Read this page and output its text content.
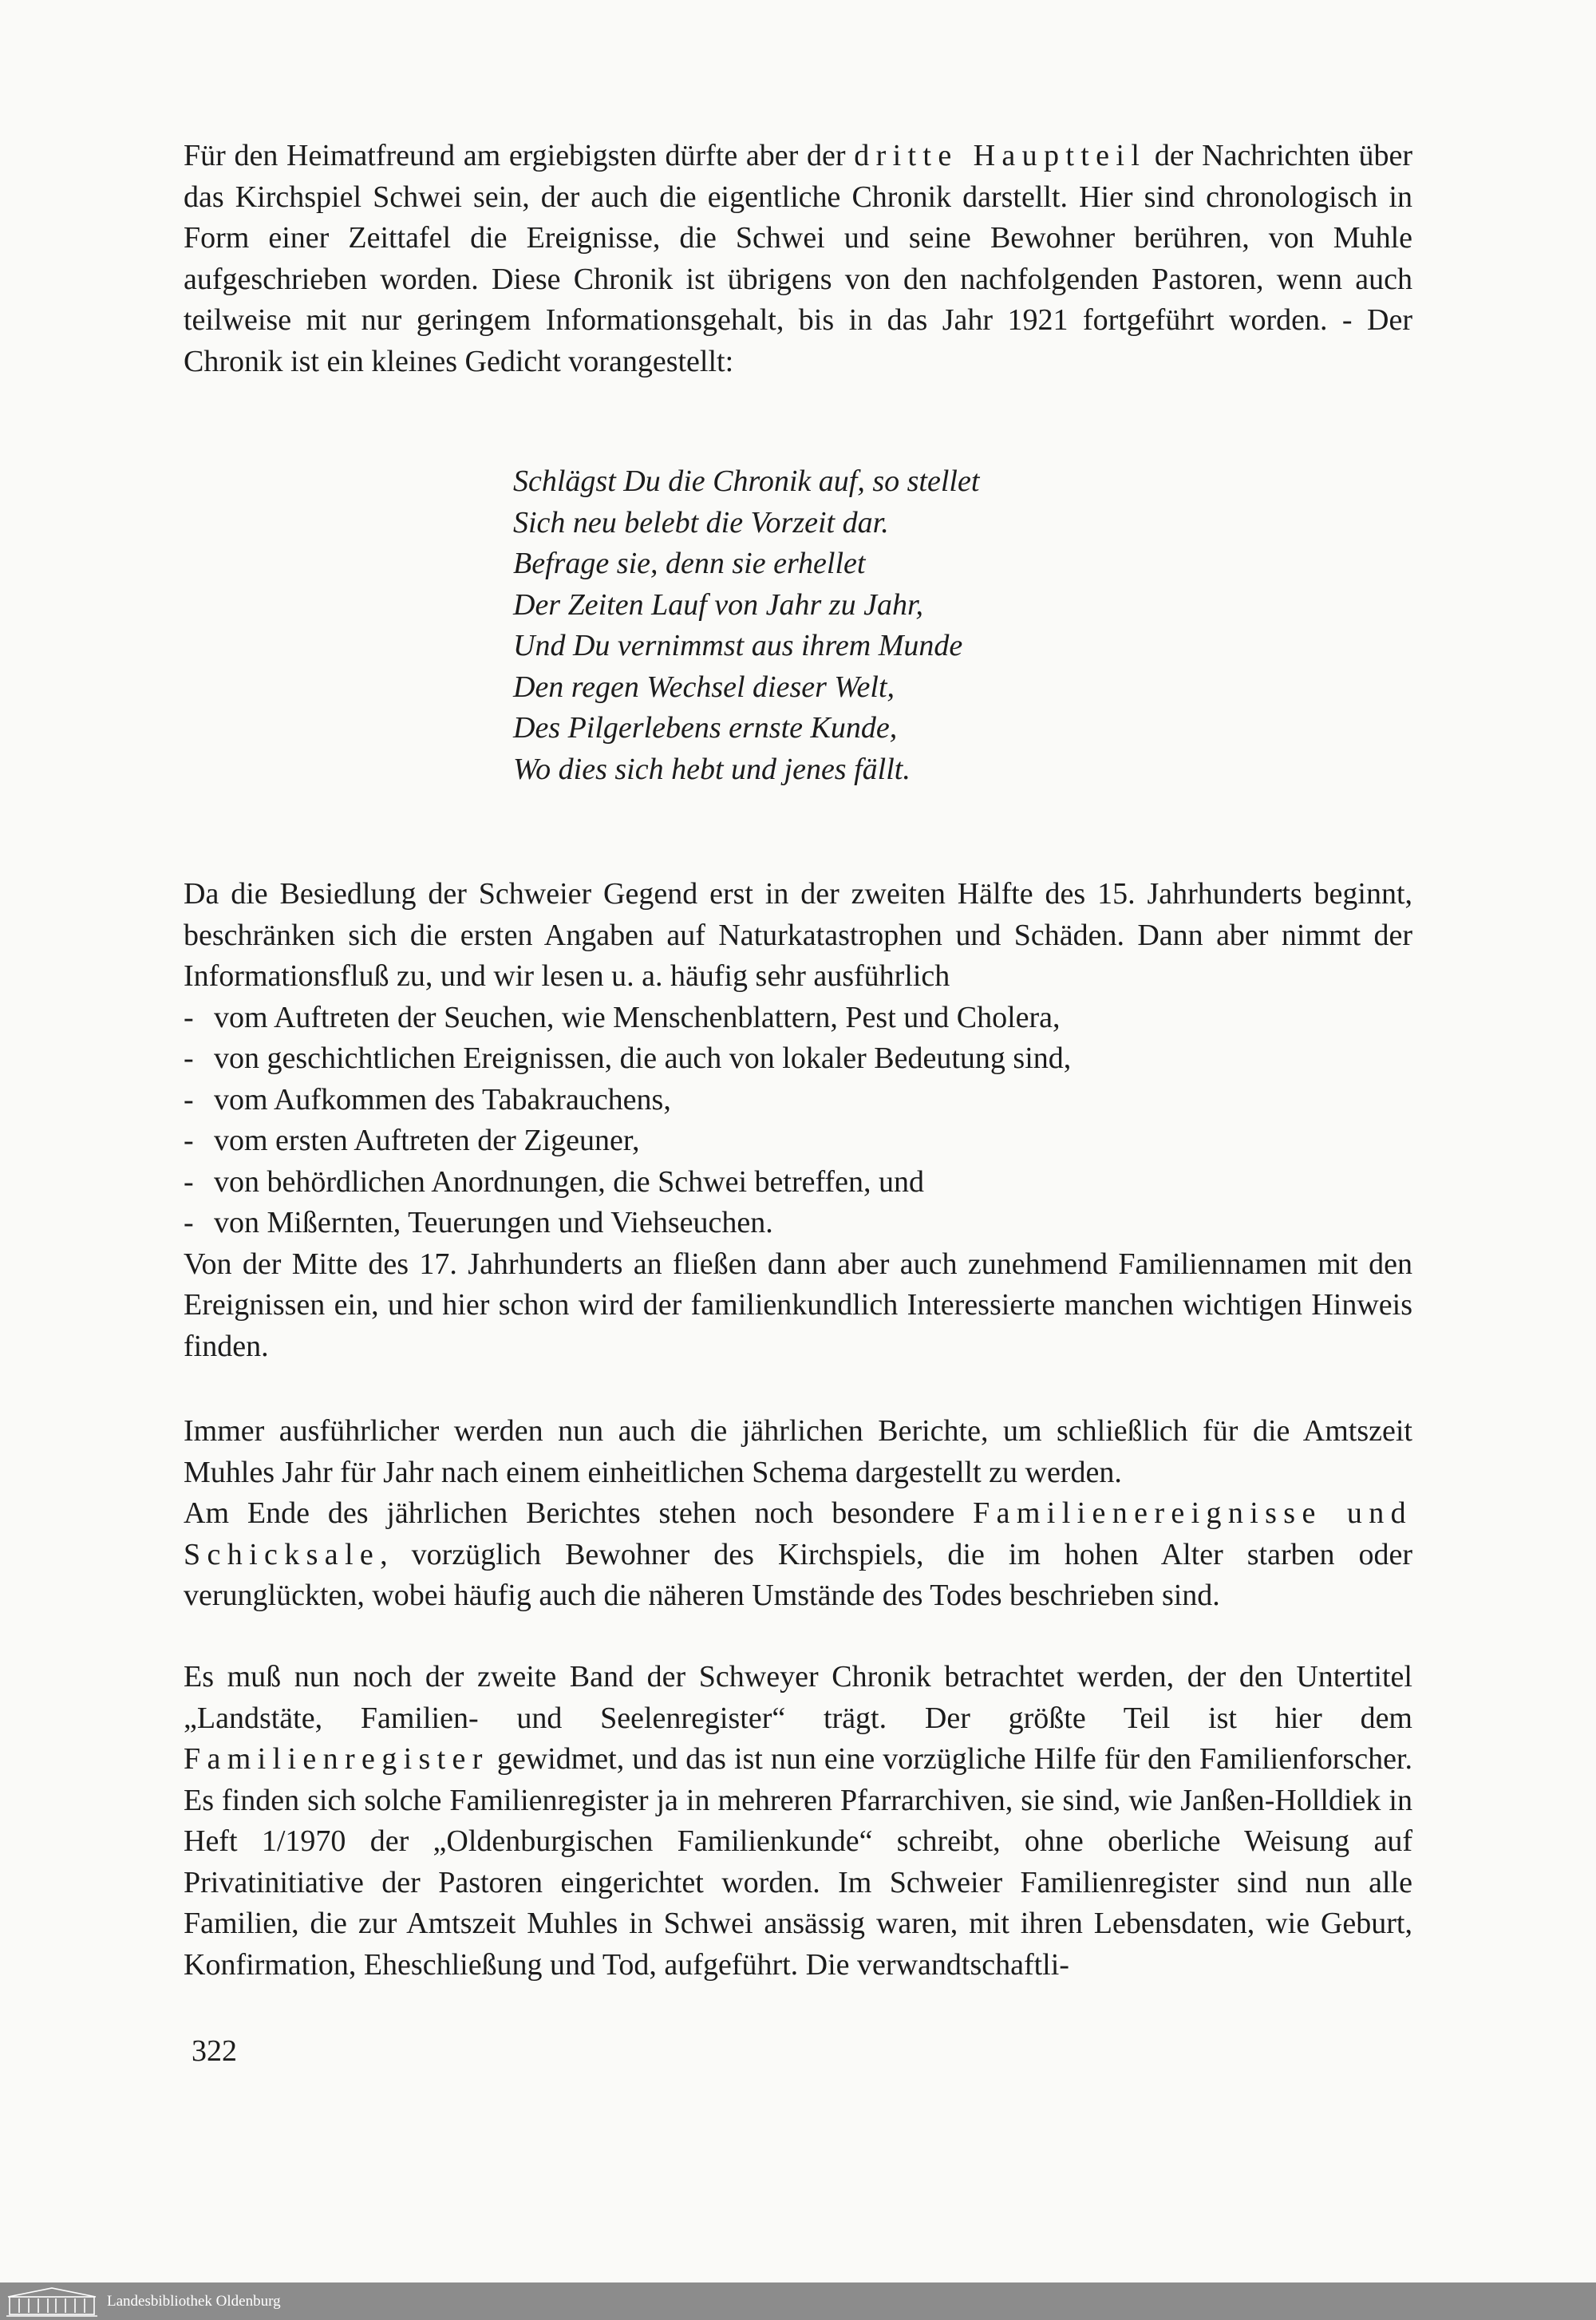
Für den Heimatfreund am ergiebigsten dürfte aber der dritte Hauptteil der Nachrichten über das Kirchspiel Schwei sein, der auch die eigentliche Chronik darstellt. Hier sind chronologisch in Form einer Zeittafel die Ereignisse, die Schwei und seine Bewohner berühren, von Muhle aufgeschrieben worden. Diese Chronik ist übrigens von den nachfolgenden Pastoren, wenn auch teilweise mit nur geringem Informationsgehalt, bis in das Jahr 1921 fortgeführt worden. - Der Chronik ist ein kleines Gedicht vorangestellt:

Schlägst Du die Chronik auf, so stellet
Sich neu belebt die Vorzeit dar.
Befrage sie, denn sie erhellet
Der Zeiten Lauf von Jahr zu Jahr,
Und Du vernimmst aus ihrem Munde
Den regen Wechsel dieser Welt,
Des Pilgerlebens ernste Kunde,
Wo dies sich hebt und jenes fällt.

Da die Besiedlung der Schweier Gegend erst in der zweiten Hälfte des 15. Jahrhunderts beginnt, beschränken sich die ersten Angaben auf Naturkatastrophen und Schäden. Dann aber nimmt der Informationsfluß zu, und wir lesen u. a. häufig sehr ausführlich

- vom Auftreten der Seuchen, wie Menschenblattern, Pest und Cholera,
- von geschichtlichen Ereignissen, die auch von lokaler Bedeutung sind,
- vom Aufkommen des Tabakrauchens,
- vom ersten Auftreten der Zigeuner,
- von behördlichen Anordnungen, die Schwei betreffen, und
- von Mißernten, Teuerungen und Viehseuchen.

Von der Mitte des 17. Jahrhunderts an fließen dann aber auch zunehmend Familiennamen mit den Ereignissen ein, und hier schon wird der familienkundlich Interessierte manchen wichtigen Hinweis finden.

Immer ausführlicher werden nun auch die jährlichen Berichte, um schließlich für die Amtszeit Muhles Jahr für Jahr nach einem einheitlichen Schema dargestellt zu werden.

Am Ende des jährlichen Berichtes stehen noch besondere Familienereignisse und Schicksale, vorzüglich Bewohner des Kirchspiels, die im hohen Alter starben oder verunglückten, wobei häufig auch die näheren Umstände des Todes beschrieben sind.

Es muß nun noch der zweite Band der Schweyer Chronik betrachtet werden, der den Untertitel „Landstäte, Familien- und Seelenregister“ trägt. Der größte Teil ist hier dem Familienregister gewidmet, und das ist nun eine vorzügliche Hilfe für den Familienforscher. Es finden sich solche Familienregister ja in mehreren Pfarrarchiven, sie sind, wie Janßen-Holldiek in Heft 1/1970 der „Oldenburgischen Familienkunde“ schreibt, ohne oberliche Weisung auf Privatinitiative der Pastoren eingerichtet worden. Im Schweier Familienregister sind nun alle Familien, die zur Amtszeit Muhles in Schwei ansässig waren, mit ihren Lebensdaten, wie Geburt, Konfirmation, Eheschließung und Tod, aufgeführt. Die verwandtschaftli-

322
Landesbibliothek Oldenburg
